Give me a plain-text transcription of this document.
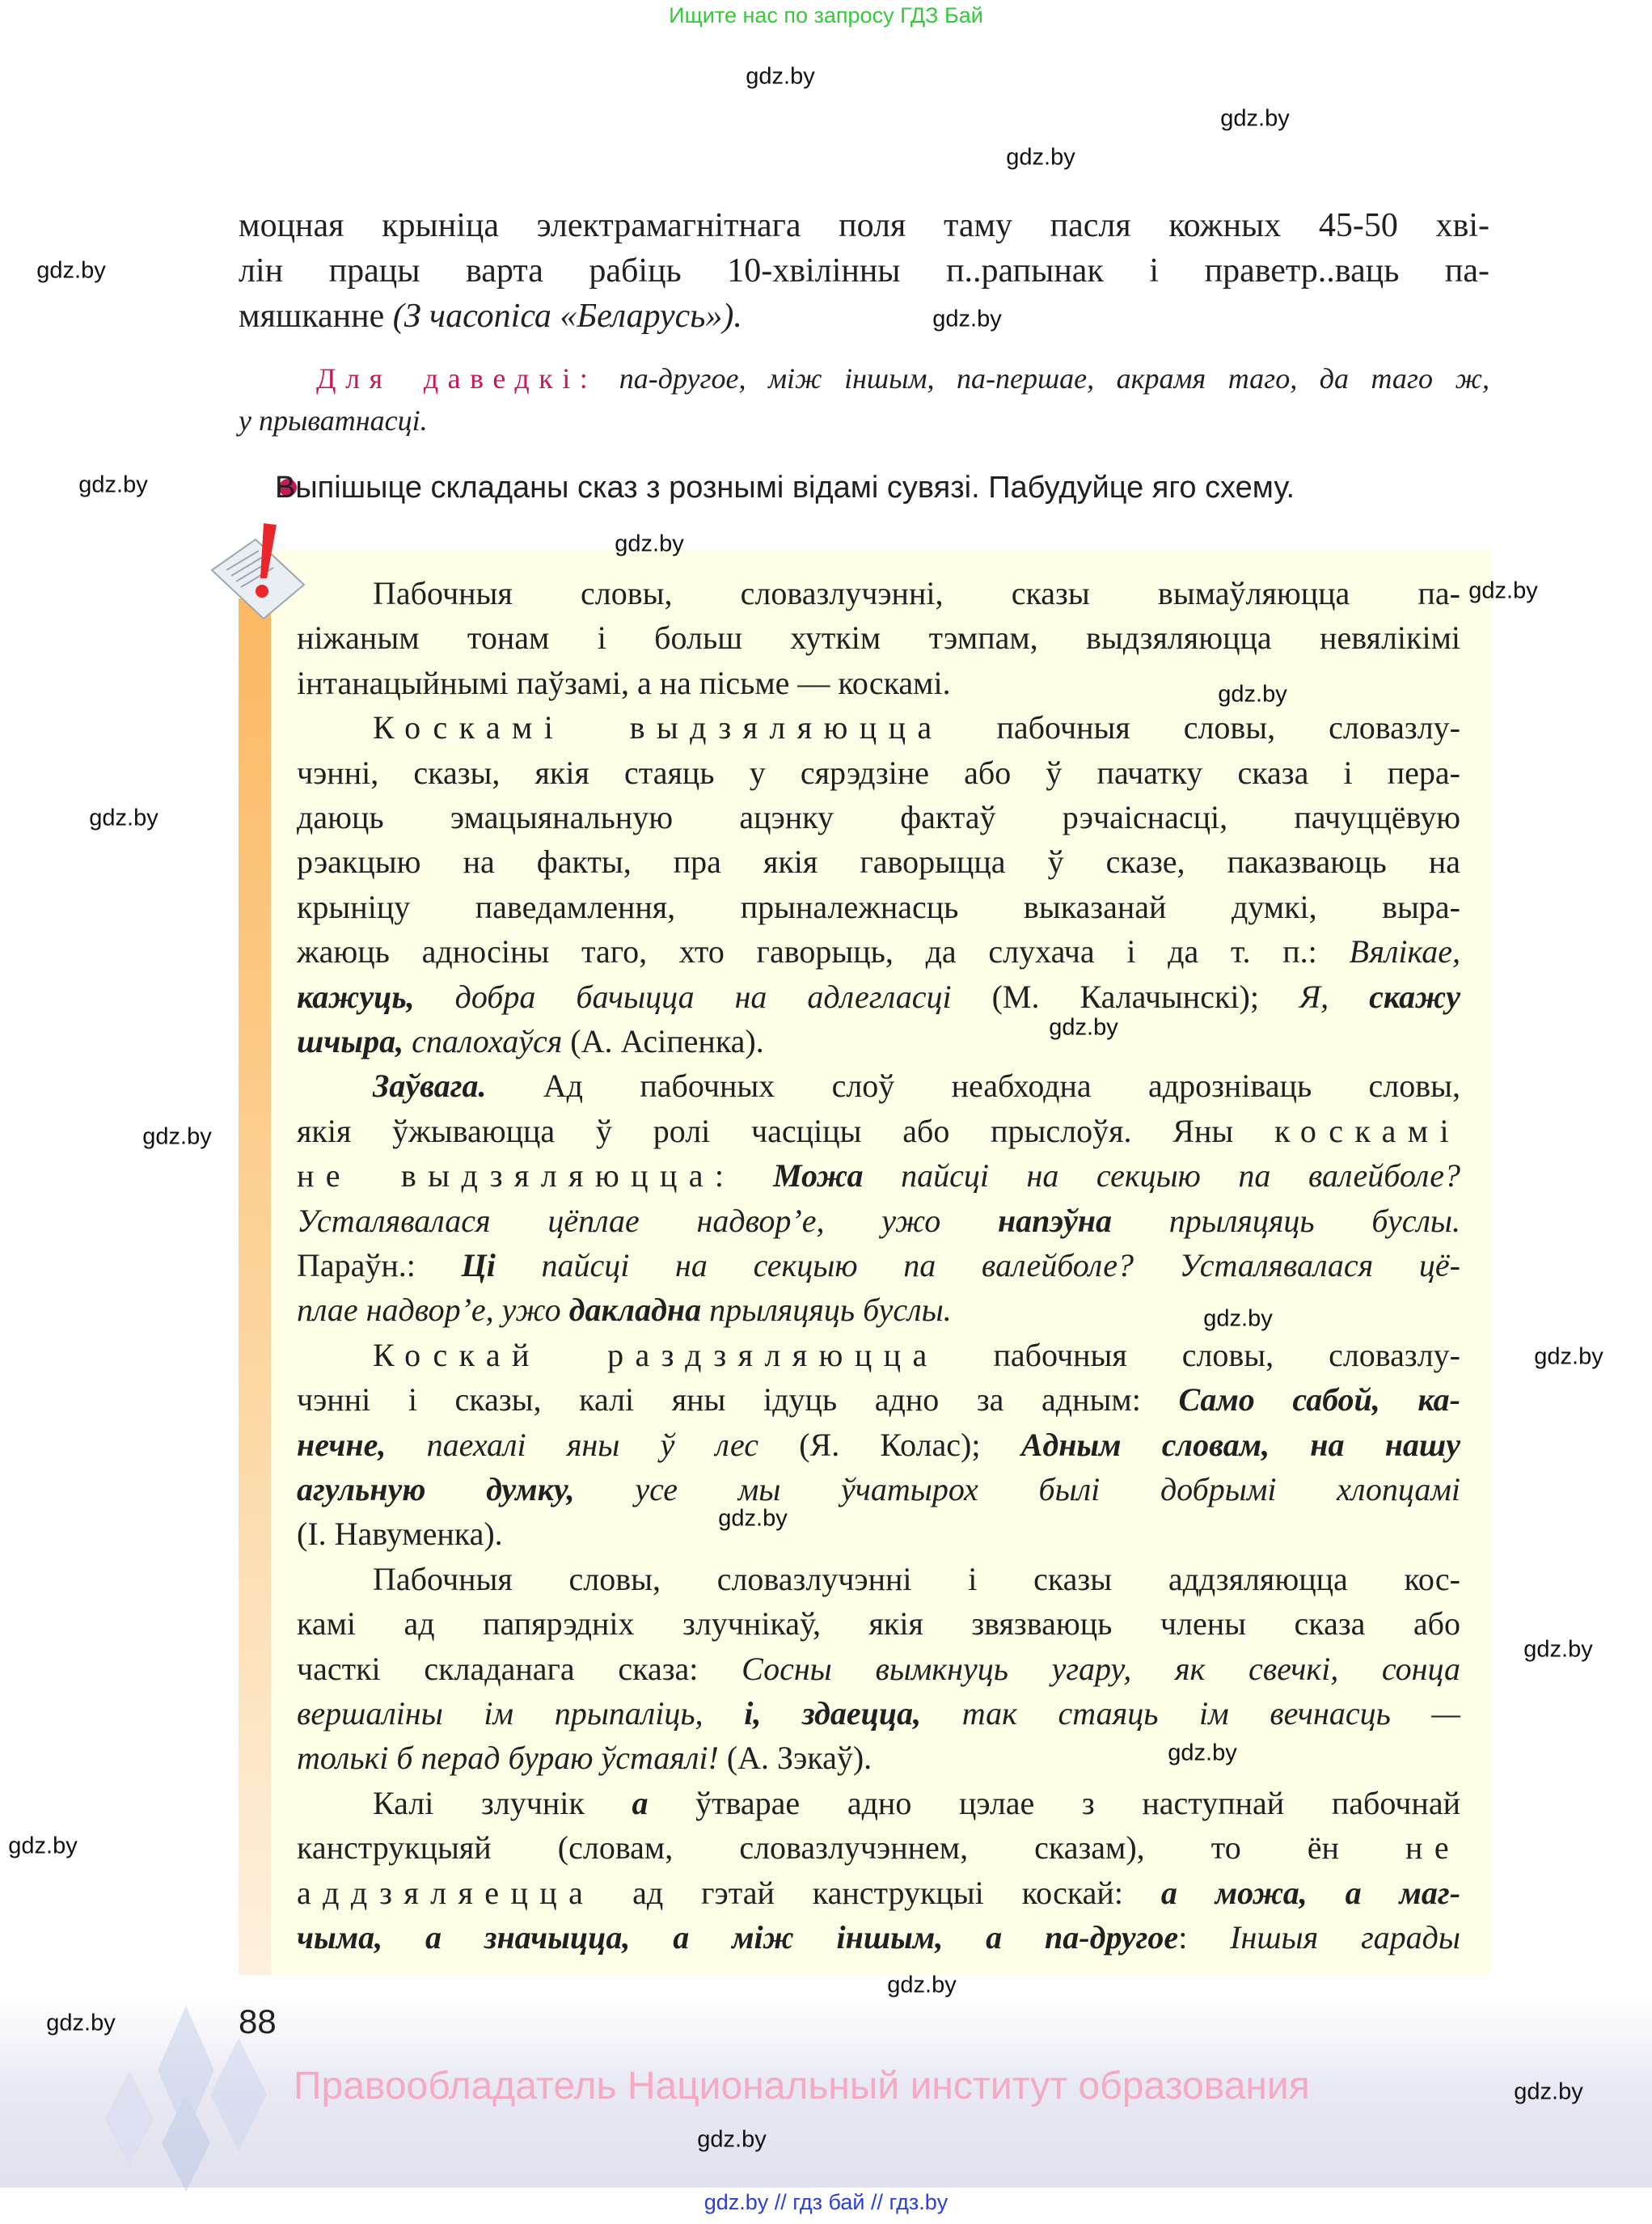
Ищите нас по запросу ГДЗ Бай
моцная крыніца электрамагнітнага поля таму пасля кожных 45-50 хві-
лін працы варта рабіць 10-хвілінны п..рапынак і праветр..ваць па-
мяшканне (З часопіса «Беларусь»).
Для даведкі: па-другое, між іншым, па-першае, акрамя таго, да таго ж,
у прыватнасці.
Выпішыце складаны сказ з рознымі відамі сувязі. Пабудуйце яго схему.
Пабочныя словы, словазлучэнні, сказы вымаўляюцца па-
ніжаным тонам і больш хуткім тэмпам, выдзяляюцца невялікімі
інтанацыйнымі паўзамі, а на пісьме — коскамі.
Коскамі выдзяляюцца пабочныя словы, словазлу-
чэнні, сказы, якія стаяць у сярэдзіне або ў пачатку сказа і пера-
даюць эмацыянальную ацэнку фактаў рэчаіснасці, пачуццёвую
рэакцыю на факты, пра якія гаворыцца ў сказе, паказваюць на
крыніцу паведамлення, прыналежнасць выказанай думкі, выра-
жаюць адносіны таго, хто гаворыць, да слухача і да т. п.: Вялікае,
кажуць, добра бачыцца на адлегласці (М. Калачынскі); Я, скажу
шчыра, спалохаўся (А. Асіпенка).
Заўвага. Ад пабочных слоў неабходна адрозніваць словы,
якія ўжываюцца ў ролі часціцы або прыслоўя. Яны коскамі
не выдзяляюцца: Можа пайсці на секцыю па валейболе?
Усталявалася цёплае надвор’е, ужо напэўна прыляцяць буслы.
Параўн.: Ці пайсці на секцыю па валейболе? Усталявалася цё-
плае надвор’е, ужо дакладна прыляцяць буслы.
Коскай раздзяляюцца пабочныя словы, словазлу-
чэнні і сказы, калі яны ідуць адно за адным: Само сабой, ка-
нечне, паехалі яны ў лес (Я. Колас); Адным словам, на нашу
агульную думку, усе мы ўчатырох былі добрымі хлопцамі
(І. Навуменка).
Пабочныя словы, словазлучэнні і сказы аддзяляюцца кос-
камі ад папярэдніх злучнікаў, якія звязваюць члены сказа або
часткі складанага сказа: Сосны вымкнуць угару, як свечкі, сонца
вершаліны ім прыпаліць, і, здаецца, так стаяць ім вечнасць —
толькі б перад бураю ўстаялі! (А. Зэкаў).
Калі злучнік а ўтварае адно цэлае з наступнай пабочнай
канструкцыяй (словам, словазлучэннем, сказам), то ён не
аддзяляецца ад гэтай канструкцыі коскай: а можа, а маг-
чыма, а значыцца, а між іншым, а па-другое: Іншыя гарады
88
Правообладатель Национальный институт образования
gdz.by // гдз бай // гдз.by
gdz.by
gdz.by
gdz.by
gdz.by
gdz.by
gdz.by
gdz.by
gdz.by
gdz.by
gdz.by
gdz.by
gdz.by
gdz.by
gdz.by
gdz.by
gdz.by
gdz.by
gdz.by
gdz.by
gdz.by
gdz.by
gdz.by
